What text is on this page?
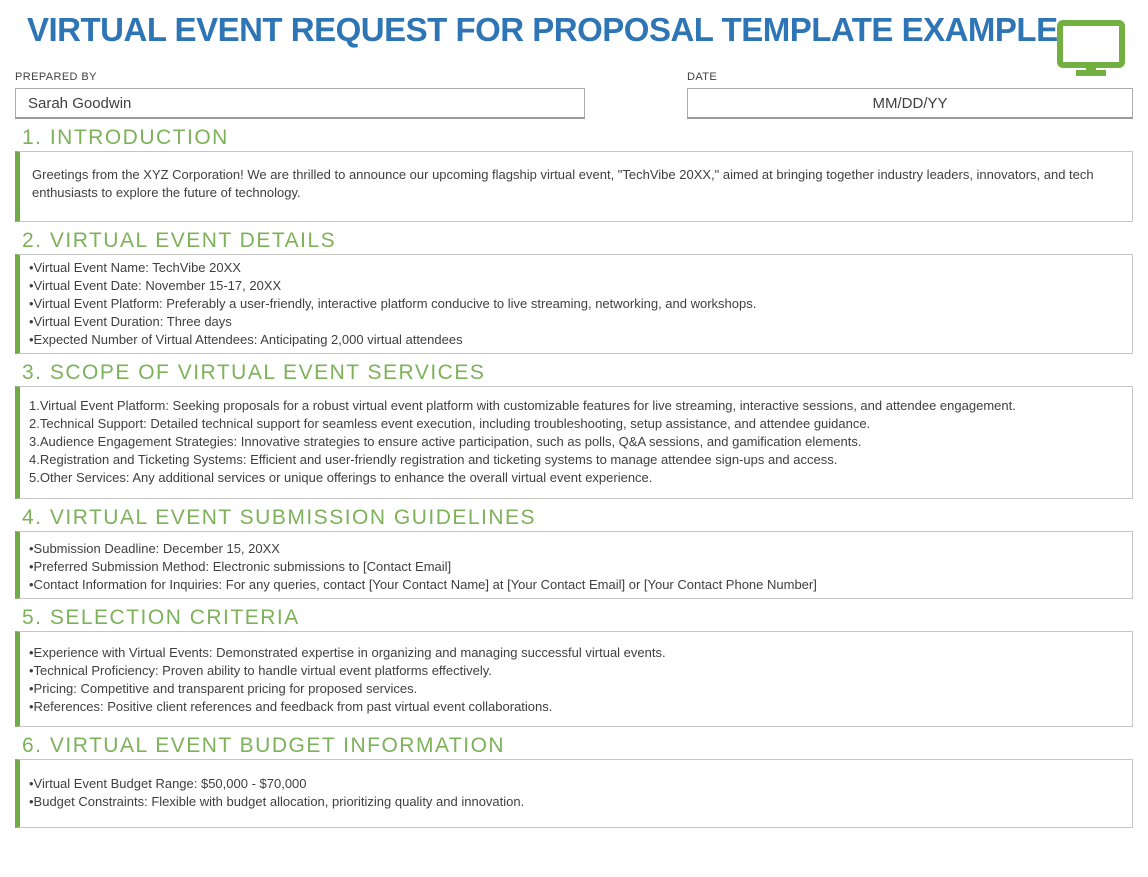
VIRTUAL EVENT REQUEST FOR PROPOSAL TEMPLATE EXAMPLE
PREPARED BY
Sarah Goodwin
DATE
MM/DD/YY
1. INTRODUCTION
Greetings from the XYZ Corporation! We are thrilled to announce our upcoming flagship virtual event, "TechVibe 20XX," aimed at bringing together industry leaders, innovators, and tech enthusiasts to explore the future of technology.
2. VIRTUAL EVENT DETAILS
•Virtual Event Name: TechVibe 20XX
•Virtual Event Date: November 15-17, 20XX
•Virtual Event Platform: Preferably a user-friendly, interactive platform conducive to live streaming, networking, and workshops.
•Virtual Event Duration: Three days
•Expected Number of Virtual Attendees: Anticipating 2,000 virtual attendees
3. SCOPE OF VIRTUAL EVENT SERVICES
1.Virtual Event Platform: Seeking proposals for a robust virtual event platform with customizable features for live streaming, interactive sessions, and attendee engagement.
2.Technical Support: Detailed technical support for seamless event execution, including troubleshooting, setup assistance, and attendee guidance.
3.Audience Engagement Strategies: Innovative strategies to ensure active participation, such as polls, Q&A sessions, and gamification elements.
4.Registration and Ticketing Systems: Efficient and user-friendly registration and ticketing systems to manage attendee sign-ups and access.
5.Other Services: Any additional services or unique offerings to enhance the overall virtual event experience.
4. VIRTUAL EVENT SUBMISSION GUIDELINES
•Submission Deadline: December 15, 20XX
•Preferred Submission Method: Electronic submissions to [Contact Email]
•Contact Information for Inquiries: For any queries, contact [Your Contact Name] at [Your Contact Email] or [Your Contact Phone Number]
5. SELECTION CRITERIA
•Experience with Virtual Events: Demonstrated expertise in organizing and managing successful virtual events.
•Technical Proficiency: Proven ability to handle virtual event platforms effectively.
•Pricing: Competitive and transparent pricing for proposed services.
•References: Positive client references and feedback from past virtual event collaborations.
6. VIRTUAL EVENT BUDGET INFORMATION
•Virtual Event Budget Range: $50,000 - $70,000
•Budget Constraints: Flexible with budget allocation, prioritizing quality and innovation.
